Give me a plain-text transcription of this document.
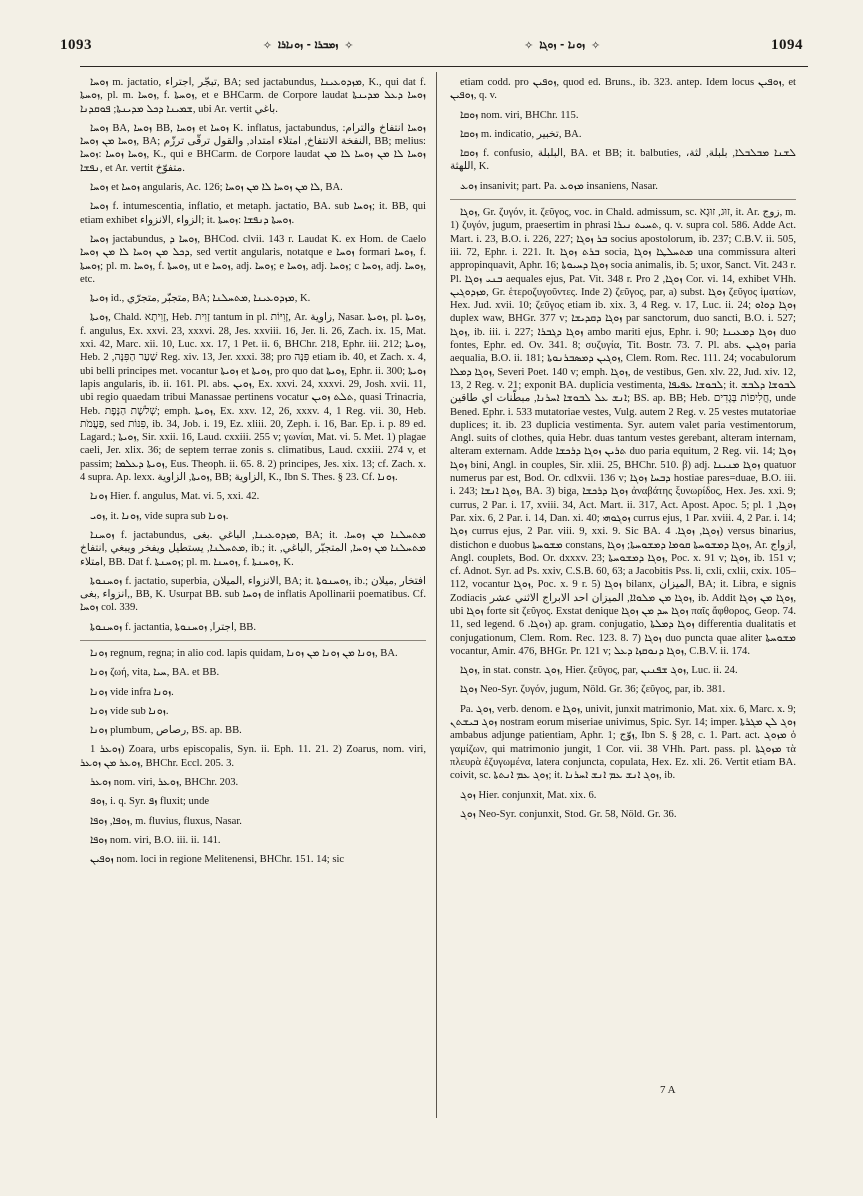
1093	✧ ܙܡܒܪܐ - ܙܘܢܐܪܐ ✧	✧ ܙܘܢܐ - ܙܘܓܐ ✧	1094

ܙܘܚܐ m. jactatio, تبجّر ,اجتراء, BA; sed jactabundus, ܡܙܕܘܥܝܢܐ, K., qui dat f. ܙܘܚܬܐ, pl. m. ܙܘܚܐ, f. ܙܘܚܬܐ, et e BHCarm. de Corpore laudat ܙܘܚܐ ܕܥܠ ܡܕܝܢܬܐ ܫܡܝܢܐ ܕܟܠ ܡܕܝܢܬܐ; ܦܘܩܕܢܐ, ubi Ar. vertit باغي.

ܙܘܚܐ BA, ܙܘܚܐ BB, ܙܘܚܐ et ܙܘܚܐ K. inflatus, jactabundus, ܙܘܚܐ انتفاخ والترام: ܙܘܚܐ ܡܢ ܙܘܚܐ, BA; النفخة الانتفاخ, امتلاء امتداد, والقول ترقّى ترزّم, BB; melius: ܙܘܚܐ ܙܘܚܐ :ܙܘܚܐ, K., qui e BHCarm. de Corpore laudat ܙܘܚܐ ܠܐ ܡܢ ܙܘܚܐ ܠܐ ܡܢ ܢܦܫܐ, et Ar. vertit متفوّخ.

ܙܘܚܐ et ܙܘܚܐ angularis, Ac. 126; ܠܐ ܡܢ ܙܘܚܐ ܠܐ ܡܢ ܙܘܚܐ, BA.

ܙܘܚܐ f. intumescentia, inflatio, et metaph. jactatio, BA. sub ܙܘܚܐ; it. BB, qui etiam exhibet الزواء ,الانزواء; it. ܙܘܚܬܐ ܕܢܦܫܐ :ܙܘܚܬܐ.

ܙܘܚܐ jactabundus, ܙܘܚܐ ܕ, BHCod. clvii. 143 r. Laudat K. ex Hom. de Caelo ܕܟܠ ܡܢ ܙܘܚܐ ܠܐ ܡܢ ܙܘܚܐ, sed vertit angularis, notatque e ܙܘܚܐ formari ܙܘܚܐ, f. ܙܘܚܬܐ; pl. m. ܙܘܚܐ, f. ܙܘܚܬܐ, ut e ܙܘܚܐ, adj. ܙܘܚܐ; e ܙܘܚܐ, adj. ܙܘܚܐ; c ܙܘܚܐ, adj. ܙܘܚܐ, etc.

ܙܘܝܬܐ id., متجبّر ,متجرّي, BA; ܡܙܕܘܥܝܢܐ ,ܡܬܚܠܢܐ, K.

ܙܘܝܬܐ, Chald. זָוִיתָא, Heb. זָוִית tantum in pl. זָוִיּוֹת, Ar. زاوية, Nasar. ܙܘܝܬܐ, pl. ܙܘܝܬܐ, f. angulus, Ex. xxvi. 23, xxxvi. 28, Jes. xxviii. 16, Jer. li. 26, Zach. ix. 15, Mat. xxi. 42, Marc. xii. 10, Luc. xx. 17, 1 Pet. ii. 6, BHChr. 218, Ephr. iii. 212; ܙܘܝܬܐ, Heb. שַׁעַר הַפִּנָּה, 2 Reg. xiv. 13, Jer. xxxi. 38; pro פִּנָּה etiam ib. 40, et Zach. x. 4, ubi belli principes met. vocantur ܙܘܝܬܐ et ܙܘܝܬܐ, pro quo dat ܙܘܝܬܐ, Ephr. ii. 300; ܙܘܝܬܐ lapis angularis, ib. ii. 161. Pl. abs. ܙܘܝܢ, Ex. xxvi. 24, xxxvi. 29, Josh. xvii. 11, ubi regio quaedam tribui Manassae pertinens vocatur ܬܠܬ ܙܘܝܢ, quasi Trinacria, Heb. שְׁלשֶׁת הַנָּפֶת; emph. ܙܘܝܬܐ, Ex. xxv. 12, 26, xxxv. 4, 1 Reg. vii. 30, Heb. פַּעֲמֹת, sed פִּנּוֹת, ib. 34, Job. i. 19, Ez. xliii. 20, Zeph. i. 16, Bar. Ep. i. p. 89 ed. Lagard.; ܙܘܝܬܐ, Sir. xxii. 16, Laud. cxxiii. 255 v; γωνίαι, Mat. vi. 5. Met. 1) plagae caeli, Jer. xlix. 36; de septem terrae zonis s. climatibus, Laud. cxxiii. 274 v, et passim; ܙܘܝܬܐ ܕܥܠܡܐ, Eus. Theoph. ii. 65. 8. 2) principes, Jes. xix. 13; cf. Zach. x. 4 supra. Ap. lexx. ܙܘܝܬܐ, الزاوية, BB; الزاوية, K., Ibn S. Thes. § 23. Cf. ܙܘܢܐ.

ܙܘܢܐ Hier. f. angulus, Mat. vi. 5, xxi. 42.

ܙܘܝ, it. ܙܘܢܐ, vide supra sub ܙܘܢܐ.

ܙܘܚܢܐ f. jactabundus, ܡܙܕܘܥܝܢܐ, الباغي .بغى, BA; it. ܡܬܚܠܢܐ ܡܢ ܙܘܚܐ. ܡܬܚܠܢܐ, يستطيل ويفخر ويبغي ,انتفاخ, ib.; it. ܡܬܚܠܢܐ ܡܢ ܙܘܚܐ, المتجبّر ,الباغي, امتلاء, BB. Dat f. ܙܘܚܢܬܐ; pl. m. ܙܘܚܢܐ, f. ܙܘܚܢܬܐ, K.

ܙܘܚܢܘܬܐ f. jactatio, superbia, الانزواء ,الميلان, BA; it. ܙܘܚܢܘܬܐ, ib.; افتخار ,ميلان ,انزواء ,بغى, BB, K. Usurpat BB. sub ܙܘܚܐ de inflatis Apollinarii poematibus. Cf. ܙܘܚܐ col. 339.

ܙܘܚܢܘܬܐ f. jactantia, اجترا, ܙܘܚܢܘܬܐ, BB.

ܙܘܢܐ regnum, regna; in alio cod. lapis quidam, ܙܘܢܐ ܡܢ ܙܘܢܐ ܡܢ ܙܘܢܐ, BA.

ܙܘܢܐ ζωή, vita, ܚܝܐ, BA. et BB.

ܙܘܢܐ vide infra ܙܘܢܐ.

ܙܘܢܐ vide sub ܙܘܢܐ.

ܙܘܢܐ plumbum, رصاص, BS. ap. BB.

ܙܘܥܪ 1) Zoara, urbs episcopalis, Syn. ii. Eph. 11. 21. 2) Zoarus, nom. viri, ܙܘܥܪ ܡܢ ܙܘܥܪ, BHChr. Eccl. 205. 3.

ܙܘܥܪ nom. viri, ܙܘܥܪ, BHChr. 203.

ܙܘܦ, i. q. Syr. ܙܦ fluxit; unde

ܙܘܦܐ, ܙܘܦܐ, m. fluvius, fluxus, Nasar.

ܙܘܦܐ nom. viri, B.O. iii. ii. 141.

ܙܘܦܝܢ nom. loci in regione Melitenensi, BHChr. 151. 14; sic

etiam codd. pro ܙܘܦܝܢ, quod ed. Bruns., ib. 323. antep. Idem locus ܙܘܦܝܢ, et ܙܘܦܝܢ, q. v.

ܙܘܩܐ nom. viri, BHChr. 115.

ܙܘܩܐ m. indicatio, تخبير, BA.

ܙܘܩܐ f. confusio, البلبلة, BA. et BB; it. balbuties, ܠܫܢܐ ܡܒܠܒܠܐ, بلبلة, لثة، اللهثة, K.

ܙܘܥ insanivit; part. Pa. ܡܙܘܥ insaniens, Nasar.

ܙܘܓܐ, Gr. ζυγόν, it. ζεῦγος, voc. in Chald. admissum, sc. זוּג, זוּגָא, it. Ar. زوج, m. 1) ζυγόν, jugum, praesertim in phrasi ܬܚܝܬ ܢܝܪܐ, q. v. supra col. 586. Adde Act. Mart. i. 23, B.O. i. 226, 227; ܒܪ ܙܘܓܐ socius apostolorum, ib. 237; C.B.V. ii. 505, iii. 72, Ephr. i. 221. It. ܒܪܬ ܙܘܓܐ socia, ܡܬܚܠܛܐ ܙܘܓܐ una commissura alteri appropinquavit, Aphr. 16; ܙܘܓܐ ܕܚܝܘܬܐ socia animalis, ib. 5; uxor, Sanct. Vit. 243 r. Pl. ܒܢܝ ܙܘܓܐ aequales ejus, Pat. Vit. 348 r. Pro ܙܘܓܐ, 2 Cor. vi. 14, exhibet VHh. ܡܙܕܘܓܝܢ, Gr. ἑτεροζυγοῦντες. Inde 2) ζεῦγος, par, a) subst. ܙܘܓܐ ζεῦγος ἱματίων, Hex. Jud. xvii. 10; ζεῦγος etiam ib. xix. 3, 4 Reg. v. 17, Luc. ii. 24; ܙܘܓܐ ܕܘܐܘ duplex waw, BHGr. 377 v; ܙܘܓܐ ܕܩܕܝܫܐ par sanctorum, duo sancti, B.O. i. 527; ܙܘܓܐ, ib. iii. i. 227; ܙܘܓܐ ܕܓܒܪܐ ambo mariti ejus, Ephr. i. 90; ܙܘܓܐ ܕܡܥܝܢܐ duo fontes, Ephr. ed. Ov. 341. 8; συζυγία, Tit. Bostr. 73. 7. Pl. abs. ܙܘܓܝܢ paria aequalia, B.O. ii. 181; ܙܘܓܝܢ ܕܡܣܒܪܢܘܬܐ, Clem. Rom. Rec. 111. 24; vocabulorum ܙܘܓܐ ܕܡܠܐ, Severi Poet. 140 v; emph. ܙܘܓܐ, de vestibus, Gen. xlv. 22, Jud. xiv. 12, 13, 2 Reg. v. 21; exponit BA. duplicia vestimenta, ܠܒܘܫܐ ܥܦܝܦܐ; it. ܠܒܘܫܐ ܕܠܒܫ ܐܢܫ ܥܠ ܠܒܘܫܐ ܐܚܪܢܐ, مبطّنات اي طاقين; BS. ap. BB; Heb. חֲלִיפוֹת בְּגָדִים, unde Bened. Ephr. i. 533 mutatoriae vestes, Vulg. autem 2 Reg. v. 25 vestes mutatoriae duplices; it. ib. 23 duplicia vestimenta. Syr. autem valet paria vestimentorum, Angl. suits of clothes, quia Hebr. duas tantum vestes gerebant, alteram internam, alteram externam. Adde ܬܪܝܢ ܙܘܓܐ ܕܪܟܫܐ duo paria equitum, 2 Reg. vii. 14; ܙܘܓܐ ܙܘܓܐ bini, Angl. in couples, Sir. xlii. 25, BHChr. 510. β) adj. ܙܘܓܐ ܡܢܝܢܐ quatuor numerus par est, Bod. Or. cdlxvii. 136 v; ܕܒܚܐ ܙܘܓܐ hostiae pares=duae, B.O. iii. i. 243; ܙܘܓܐ ܐܢܫܐ, BA. 3) biga, ܙܘܓܐ ܕܪܟܫܐ ἀναβάτης ξυνωρίδος, Hex. Jes. xxi. 9; currus, 2 Par. i. 17, xviii. 34, Act. Mart. ii. 317, Act. Apost. Apoc. 5; pl. ܙܘܓܐ, 1 Par. xix. 6, 2 Par. i. 14, Dan. xi. 40; ܙܘܓܘܗܝ currus ejus, 1 Par. xviii. 4, 2 Par. i. 14; ܙܘܓܐ currus ejus, 2 Par. viii. 9, xxi. 9. Sic BA. ܙܘܓܐ, ܙܘܓܐ. 4) versus binarius, distichon e duobus ܡܫܘܚܬܐ constans, ܙܘܓܐ ܕܡܫܘܚܬܐ ܩܘܡܐ ܕܡܫܘܚܬܐ; ܙܘܓܐ, Ar. ازواج, Angl. couplets, Bod. Or. dxxxv. 23; ܙܘܓܐ ܕܡܫܘܚܬܐ, Poc. x. 91 v; ܙܘܓܐ, ib. 151 v; cf. Adnot. Syr. ad Ps. xxiv, C.S.B. 60, 63; a Jacobitis Pss. li, cxli, cxlii, cxix. 105–112, vocantur ܙܘܓܐ, Poc. x. 9 r. 5) ܙܘܓܐ bilanx, الميزان, BA; it. Libra, e signis Zodiacis ܙܘܓܐ ܡܢ ܡܠܘܐܐ, الميزان احد الابراج الاثني عشر, ib. Addit ܙܘܓܐ ܡܢ ܙܘܓܐ, ubi ܙܘܓܐ forte sit ζεῦγος. Exstat denique ܙܘܓܐ ܚܕ ܡܢ ܙܘܓܐ παῖς ἄφθορος, Geop. 74. 11, sed legend. ܙܘܓܐ. 6) ap. gram. conjugatio, ܙܘܓܐ ܕܡܠܬܐ differentia dualitatis et conjugationum, Clem. Rom. Rec. 123. 8. 7) ܙܘܓܐ duo puncta quae aliter ܡܫܘܚܬܐ vocantur, Amir. 476, BHGr. Pr. 121 v; ܙܘܓܐ ܕܢܘܩܙܐ ܕܥܠ, C.B.V. ii. 174.

ܙܘܓܐ, in stat. constr. ܙܘܓ, Hier. ζεῦγος, par, ܙܘܓ ܫܦܢܝܢ, Luc. ii. 24.

ܙܘܓܐ Neo-Syr. ζυγόν, jugum, Nöld. Gr. 36; ζεῦγος, par, ib. 381.

Pa. ܙܘܓ, verb. denom. e ܙܘܓܐ, univit, junxit matrimonio, Mat. xix. 6, Marc. x. 9; ܙܘܓ ܒܝܫܬܢ nostram eorum miseriae univimus, Spic. Syr. 14; imper. ܙܘܓ ܠܢ ܡܓܪܬܐ ambabus adjunge patientiam, Aphr. 1; ܙوّج, Ibn S. § 28, c. 1. Part. act. ܡܙܘܓ ὁ γαμίζων, qui matrimonio jungit, 1 Cor. vii. 38 VHh. Part. pass. pl. ܡܙܘܓܬܐ τὰ πλευρὰ ἐζυγωμένα, latera conjuncta, copulata, Hex. Ez. xli. 26. Vertit etiam BA. coivit, sc. ܙܘܓ ܥܡ ܐܢܬܬܐ; it. ܙܘܓ ܐܢܫ ܥܡ ܐܢܫ ܐܚܪܢܐ, ib.

ܙܘܓ Hier. conjunxit, Mat. xix. 6.

ܙܘܓ Neo-Syr. conjunxit, Stod. Gr. 58, Nöld. Gr. 36.

7 A
